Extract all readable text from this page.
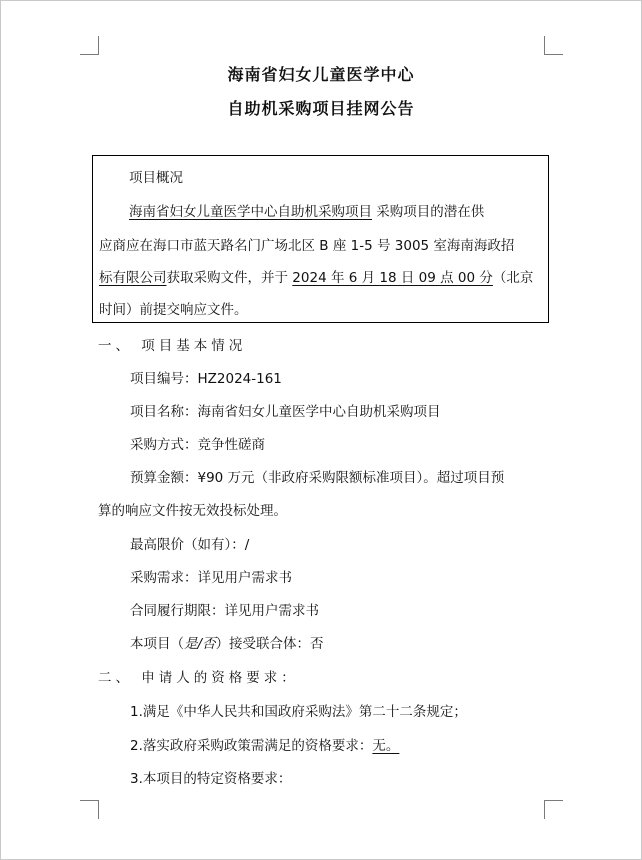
海南省妇女儿童医学中心
自助机采购项目挂网公告
项目概况
海南省妇女儿童医学中心自助机采购项目 采购项目的潜在供
应商应在海口市蓝天路名门广场北区 B 座 1-5 号 3005 室海南海政招
标有限公司获取采购文件，并于 2024 年 6 月 18 日 09 点 00 分（北京
时间）前提交响应文件。
一、 项目基本情况
项目编号：HZ2024-161
项目名称：海南省妇女儿童医学中心自助机采购项目
采购方式：竞争性磋商
预算金额：¥90 万元（非政府采购限额标准项目）。超过项目预
算的响应文件按无效投标处理。
最高限价（如有）：/
采购需求：详见用户需求书
合同履行期限：详见用户需求书
本项目（是/否）接受联合体：否
二、 申请人的资格要求：
1.满足《中华人民共和国政府采购法》第二十二条规定；
2.落实政府采购政策需满足的资格要求：无。
3.本项目的特定资格要求：
